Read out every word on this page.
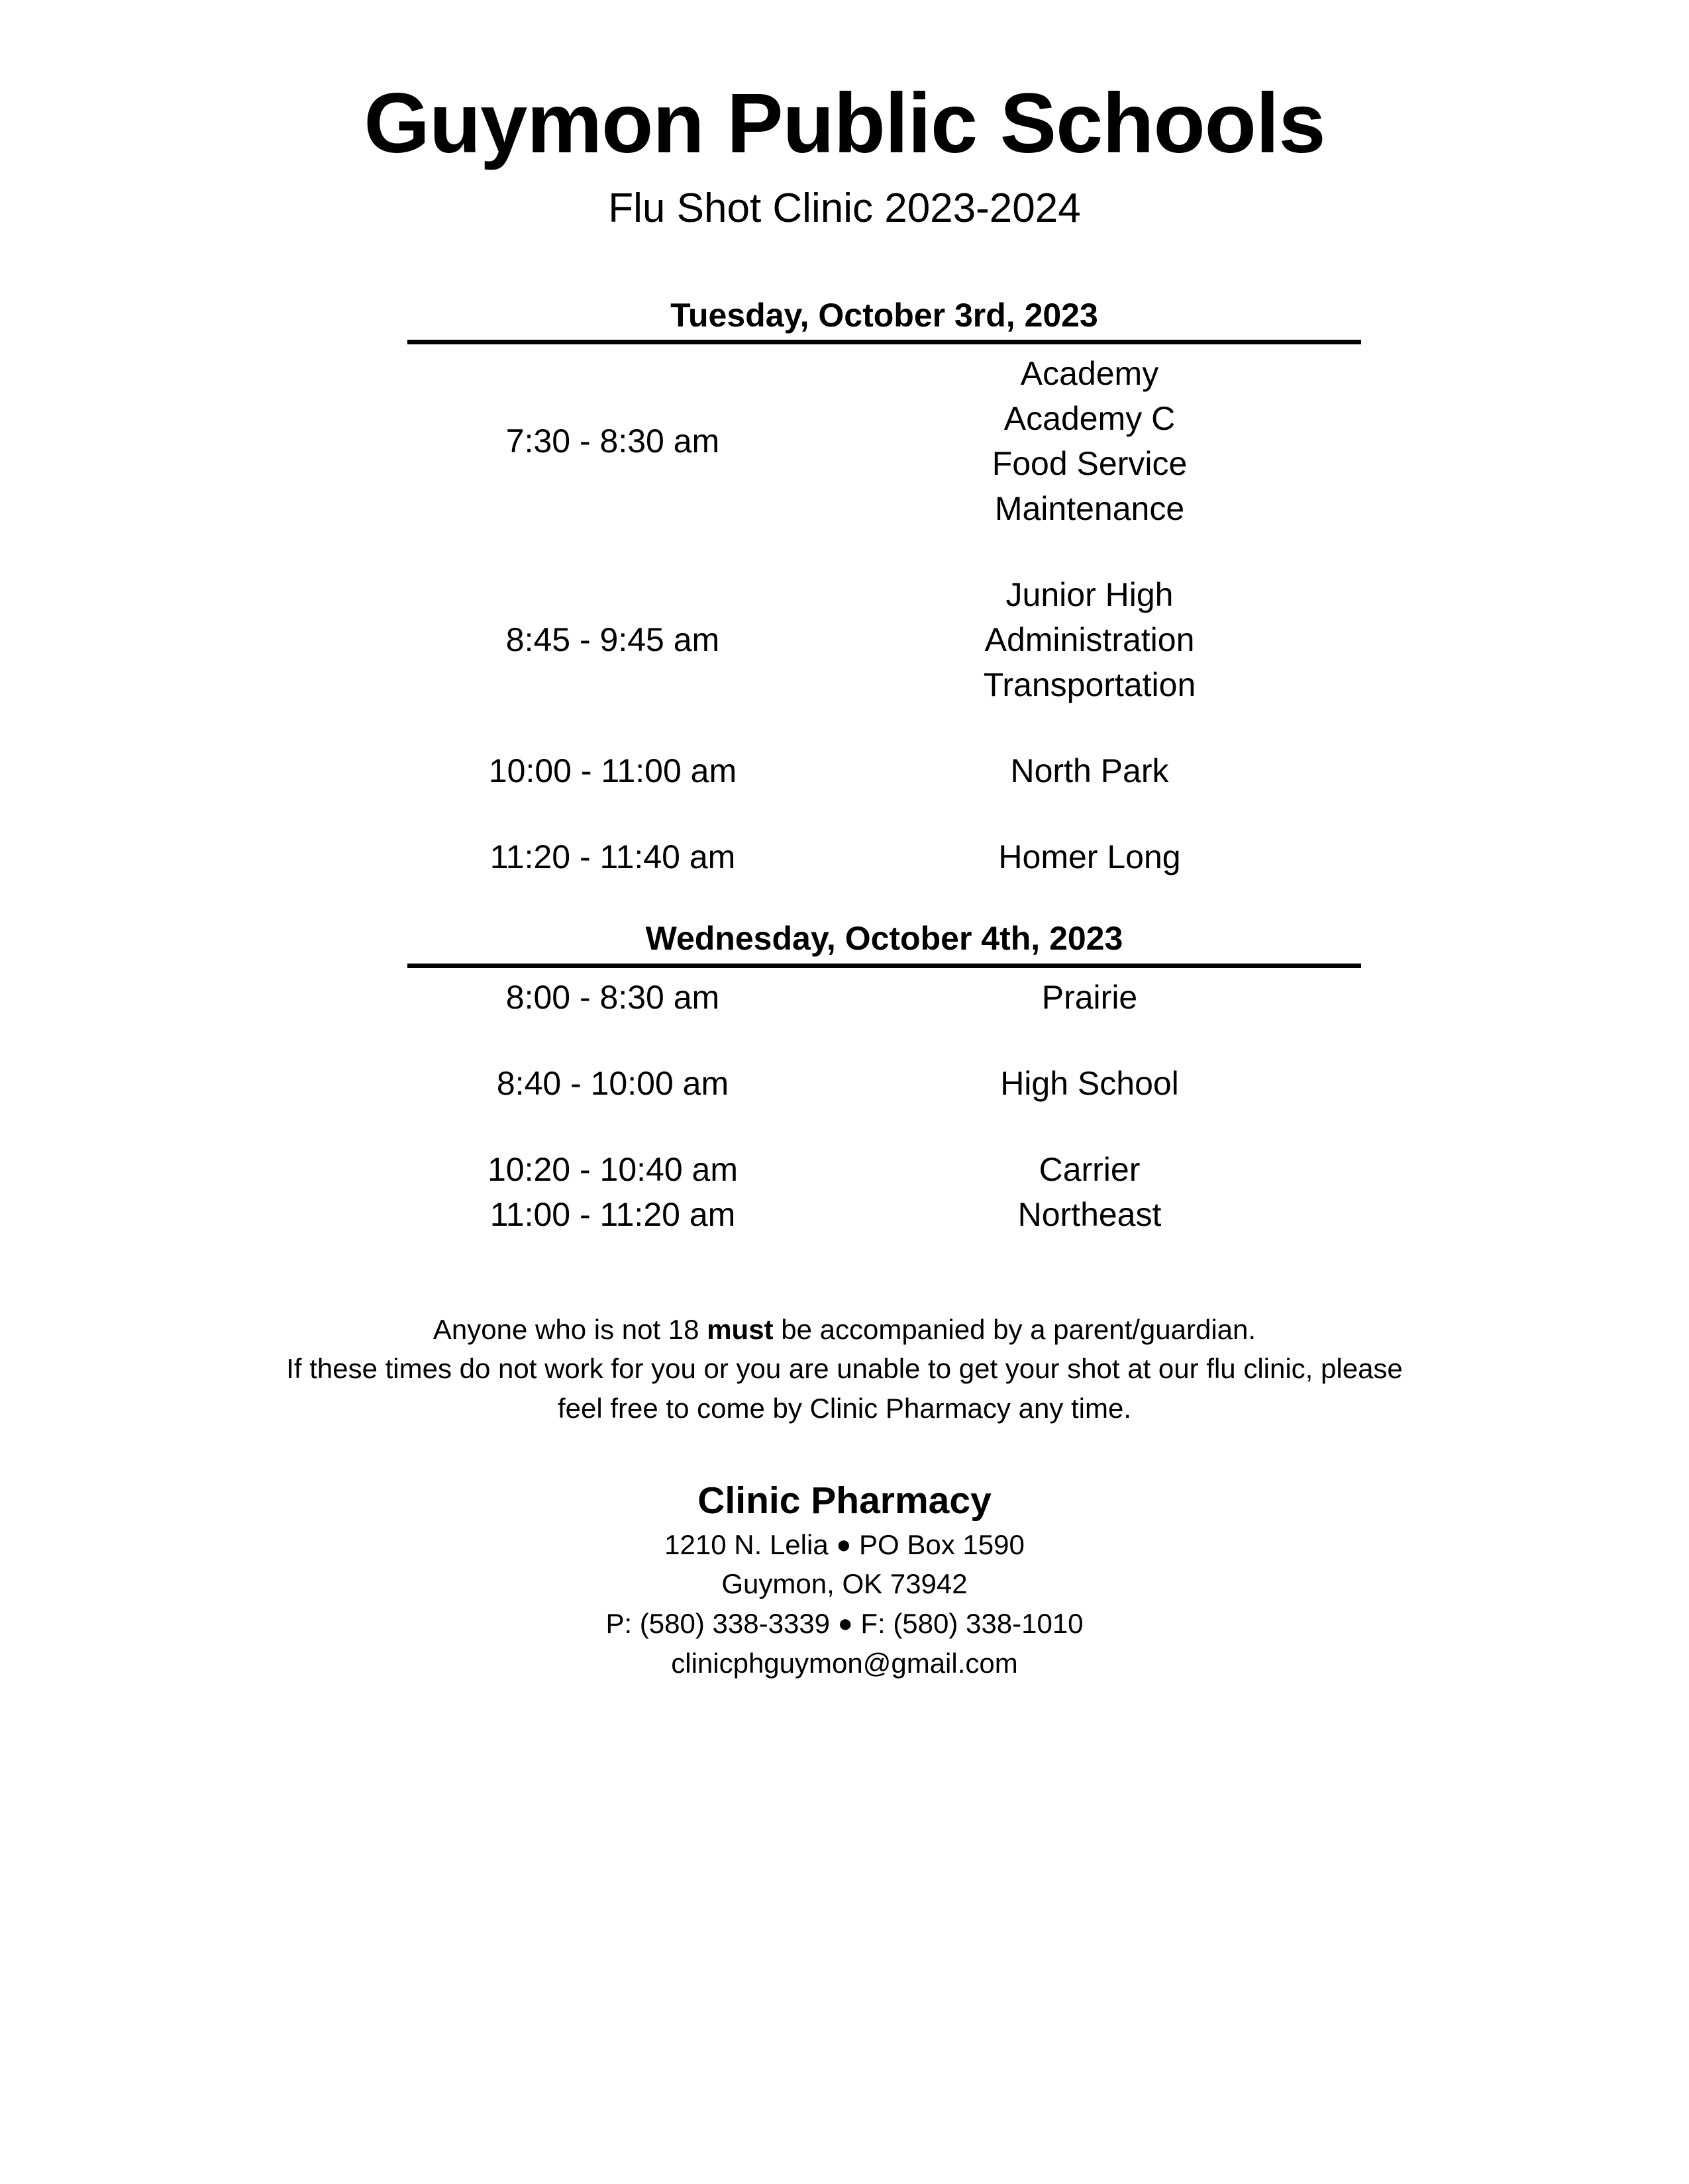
Guymon Public Schools
Flu Shot Clinic 2023-2024
Tuesday, October 3rd, 2023
7:30 - 8:30 am	Academy
Academy C
Food Service
Maintenance

8:45 - 9:45 am	Junior High
Administration
Transportation

10:00 - 11:00 am	North Park

11:20 - 11:40 am	Homer Long
Wednesday, October 4th, 2023
8:00 - 8:30 am	Prairie

8:40 - 10:00 am	High School

10:20 - 10:40 am	Carrier

11:00 - 11:20 am	Northeast
Anyone who is not 18 must be accompanied by a parent/guardian.
If these times do not work for you or you are unable to get your shot at our flu clinic, please
feel free to come by Clinic Pharmacy any time.
Clinic Pharmacy
1210 N. Lelia ● PO Box 1590
Guymon, OK 73942
P: (580) 338-3339 ● F: (580) 338-1010
clinicphguymon@gmail.com
